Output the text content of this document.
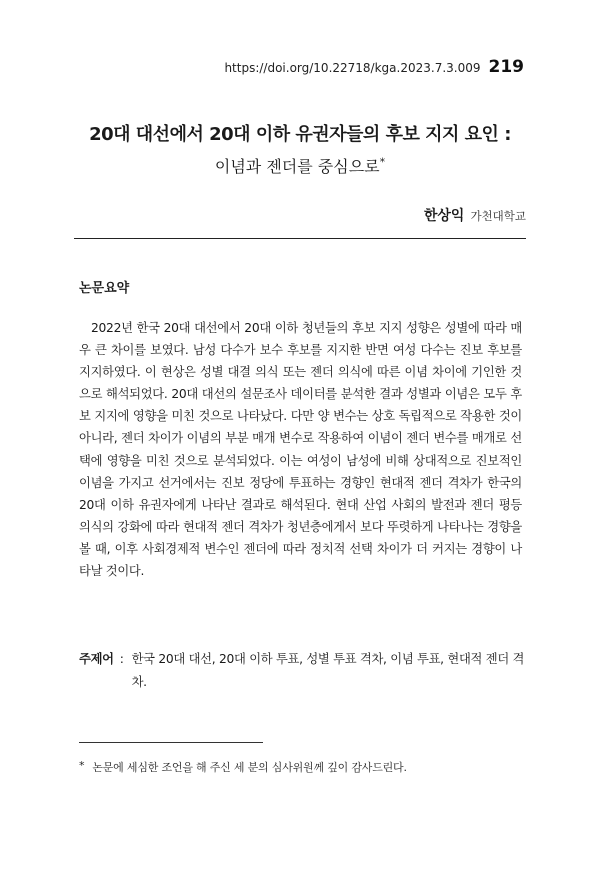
https://doi.org/10.22718/kga.2023.7.3.009 219
20대 대선에서 20대 이하 유권자들의 후보 지지 요인 :
이념과 젠더를 중심으로*
한상익 가천대학교
논문요약

2022년 한국 20대 대선에서 20대 이하 청년들의 후보 지지 성향은 성별에 따라 매우 큰 차이를 보였다. 남성 다수가 보수 후보를 지지한 반면 여성 다수는 진보 후보를 지지하였다. 이 현상은 성별 대결 의식 또는 젠더 의식에 따른 이념 차이에 기인한 것으로 해석되었다. 20대 대선의 설문조사 데이터를 분석한 결과 성별과 이념은 모두 후보 지지에 영향을 미친 것으로 나타났다. 다만 양 변수는 상호 독립적으로 작용한 것이 아니라, 젠더 차이가 이념의 부분 매개 변수로 작용하여 이념이 젠더 변수를 매개로 선택에 영향을 미친 것으로 분석되었다. 이는 여성이 남성에 비해 상대적으로 진보적인 이념을 가지고 선거에서는 진보 정당에 투표하는 경향인 현대적 젠더 격차가 한국의 20대 이하 유권자에게 나타난 결과로 해석된다. 현대 산업 사회의 발전과 젠더 평등 의식의 강화에 따라 현대적 젠더 격차가 청년층에게서 보다 뚜렷하게 나타나는 경향을 볼 때, 이후 사회경제적 변수인 젠더에 따라 정치적 선택 차이가 더 커지는 경향이 나타날 것이다.

주제어 : 한국 20대 대선, 20대 이하 투표, 성별 투표 격차, 이념 투표, 현대적 젠더 격차.
* 논문에 세심한 조언을 해 주신 세 분의 심사위원께 깊이 감사드린다.
